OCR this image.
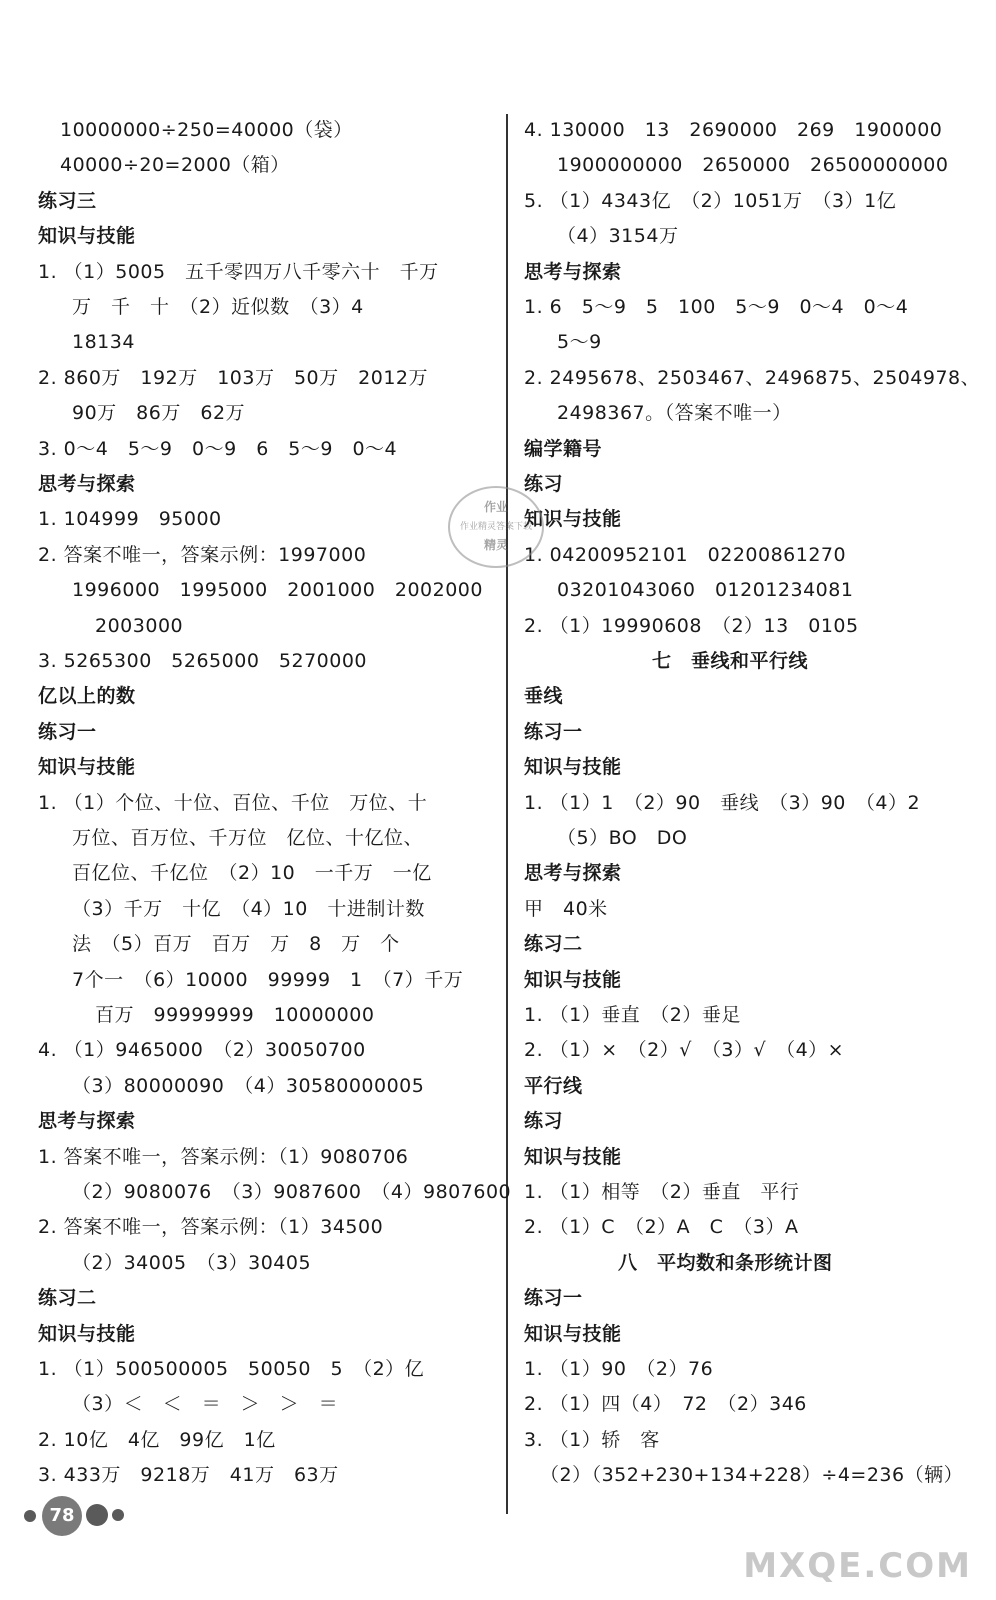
10000000÷250=40000（袋）
40000÷20=2000（箱）
练习三
知识与技能
1. （1）5005　五千零四万八千零六十　千万
万　千　十　（2）近似数　（3）4
18134
2. 860万　192万　103万　50万　2012万
90万　86万　62万
3. 0～4　5～9　0～9　6　5～9　0～4
思考与探索
1. 104999　95000
2. 答案不唯一，答案示例：1997000
1996000　1995000　2001000　2002000
2003000
3. 5265300　5265000　5270000
亿以上的数
练习一
知识与技能
1. （1）个位、十位、百位、千位　万位、十
万位、百万位、千万位　亿位、十亿位、
百亿位、千亿位　（2）10　一千万　一亿
（3）千万　十亿　（4）10　十进制计数
法　（5）百万　百万　万　8　万　个
7个一　（6）10000　99999　1　（7）千万
百万　99999999　10000000
4. （1）9465000　（2）30050700
（3）80000090　（4）30580000005
思考与探索
1. 答案不唯一，答案示例：（1）9080706
（2）9080076　（3）9087600　（4）9807600
2. 答案不唯一，答案示例：（1）34500
（2）34005　（3）30405
练习二
知识与技能
1. （1）500500005　50050　5　（2）亿
（3）＜　＜　＝　＞　＞　＝
2. 10亿　4亿　99亿　1亿
3. 433万　9218万　41万　63万
4. 130000　13　2690000　269　1900000
1900000000　2650000　26500000000
5. （1）4343亿　（2）1051万　（3）1亿
（4）3154万
思考与探索
1. 6　5～9　5　100　5～9　0～4　0～4
5～9
2. 2495678、2503467、2496875、2504978、
2498367。（答案不唯一）
编学籍号
练习
知识与技能
1. 04200952101　02200861270
03201043060　01201234081
2. （1）19990608　（2）13　0105
七　垂线和平行线
垂线
练习一
知识与技能
1. （1）1　（2）90　垂线　（3）90　（4）2
（5）BO　DO
思考与探索
甲　40米
练习二
知识与技能
1. （1）垂直　（2）垂足
2. （1）×　（2）√　（3）√　（4）×
平行线
练习
知识与技能
1. （1）相等　（2）垂直　平行
2. （1）C　（2）A　C　（3）A
八　平均数和条形统计图
练习一
知识与技能
1. （1）90　（2）76
2. （1）四（4）　72　（2）346
3. （1）轿　客
（2）（352+230+134+228）÷4=236（辆）
作业
作业精灵答案下载
精灵
78
MXQE.COM
